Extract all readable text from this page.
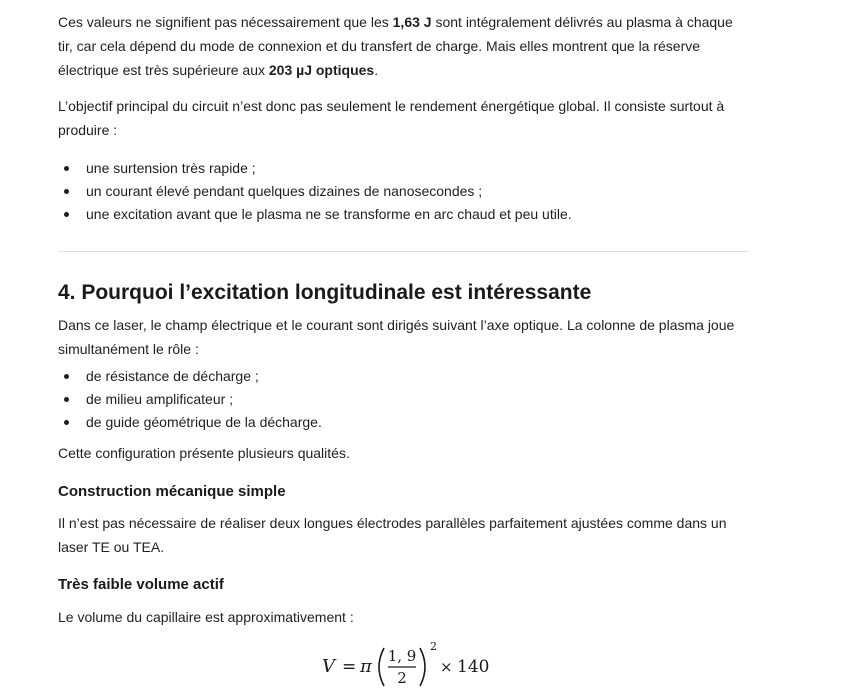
Ces valeurs ne signifient pas nécessairement que les 1,63 J sont intégralement délivrés au plasma à chaque tir, car cela dépend du mode de connexion et du transfert de charge. Mais elles montrent que la réserve électrique est très supérieure aux 203 µJ optiques.

L’objectif principal du circuit n’est donc pas seulement le rendement énergétique global. Il consiste surtout à produire :

une surtension très rapide ;
un courant élevé pendant quelques dizaines de nanosecondes ;
une excitation avant que le plasma ne se transforme en arc chaud et peu utile.
4. Pourquoi l’excitation longitudinale est intéressante

Dans ce laser, le champ électrique et le courant sont dirigés suivant l’axe optique. La colonne de plasma joue simultanément le rôle :

de résistance de décharge ;
de milieu amplificateur ;
de guide géométrique de la décharge.

Cette configuration présente plusieurs qualités.

Construction mécanique simple

Il n’est pas nécessaire de réaliser deux longues électrodes parallèles parfaitement ajustées comme dans un laser TE ou TEA.

Très faible volume actif

Le volume du capillaire est approximativement :

V = π 1, 9
2
2
× 140
